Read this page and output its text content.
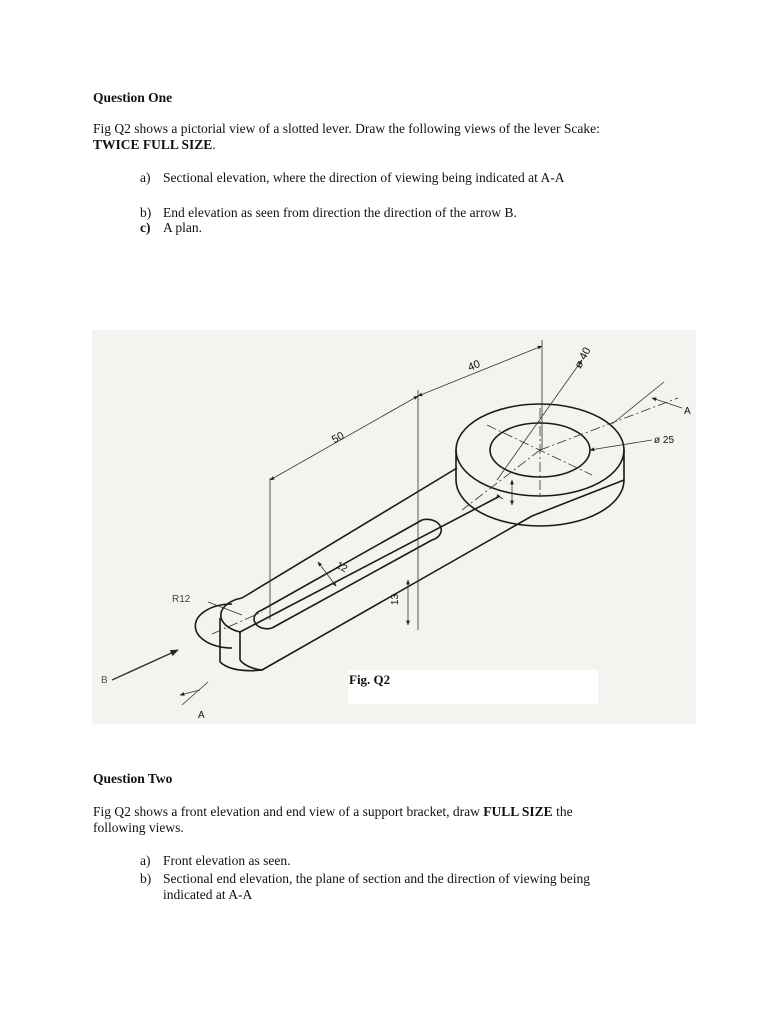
Question One
Fig Q2 shows a pictorial view of a slotted lever. Draw the following views of the lever Scake:
TWICE FULL SIZE.
a) Sectional elevation, where the direction of viewing being indicated at A-A
b) End elevation as seen from direction the direction of the arrow B.
c) A plan.
50
40	ø 40
ø 25
12
13
7
R12
A
A
B	Fig. Q2
Question Two
Fig Q2 shows a front elevation and end view of a support bracket, draw FULL SIZE the
following views.
a) Front elevation as seen.
b) Sectional end elevation, the plane of section and the direction of viewing being
indicated at A-A
